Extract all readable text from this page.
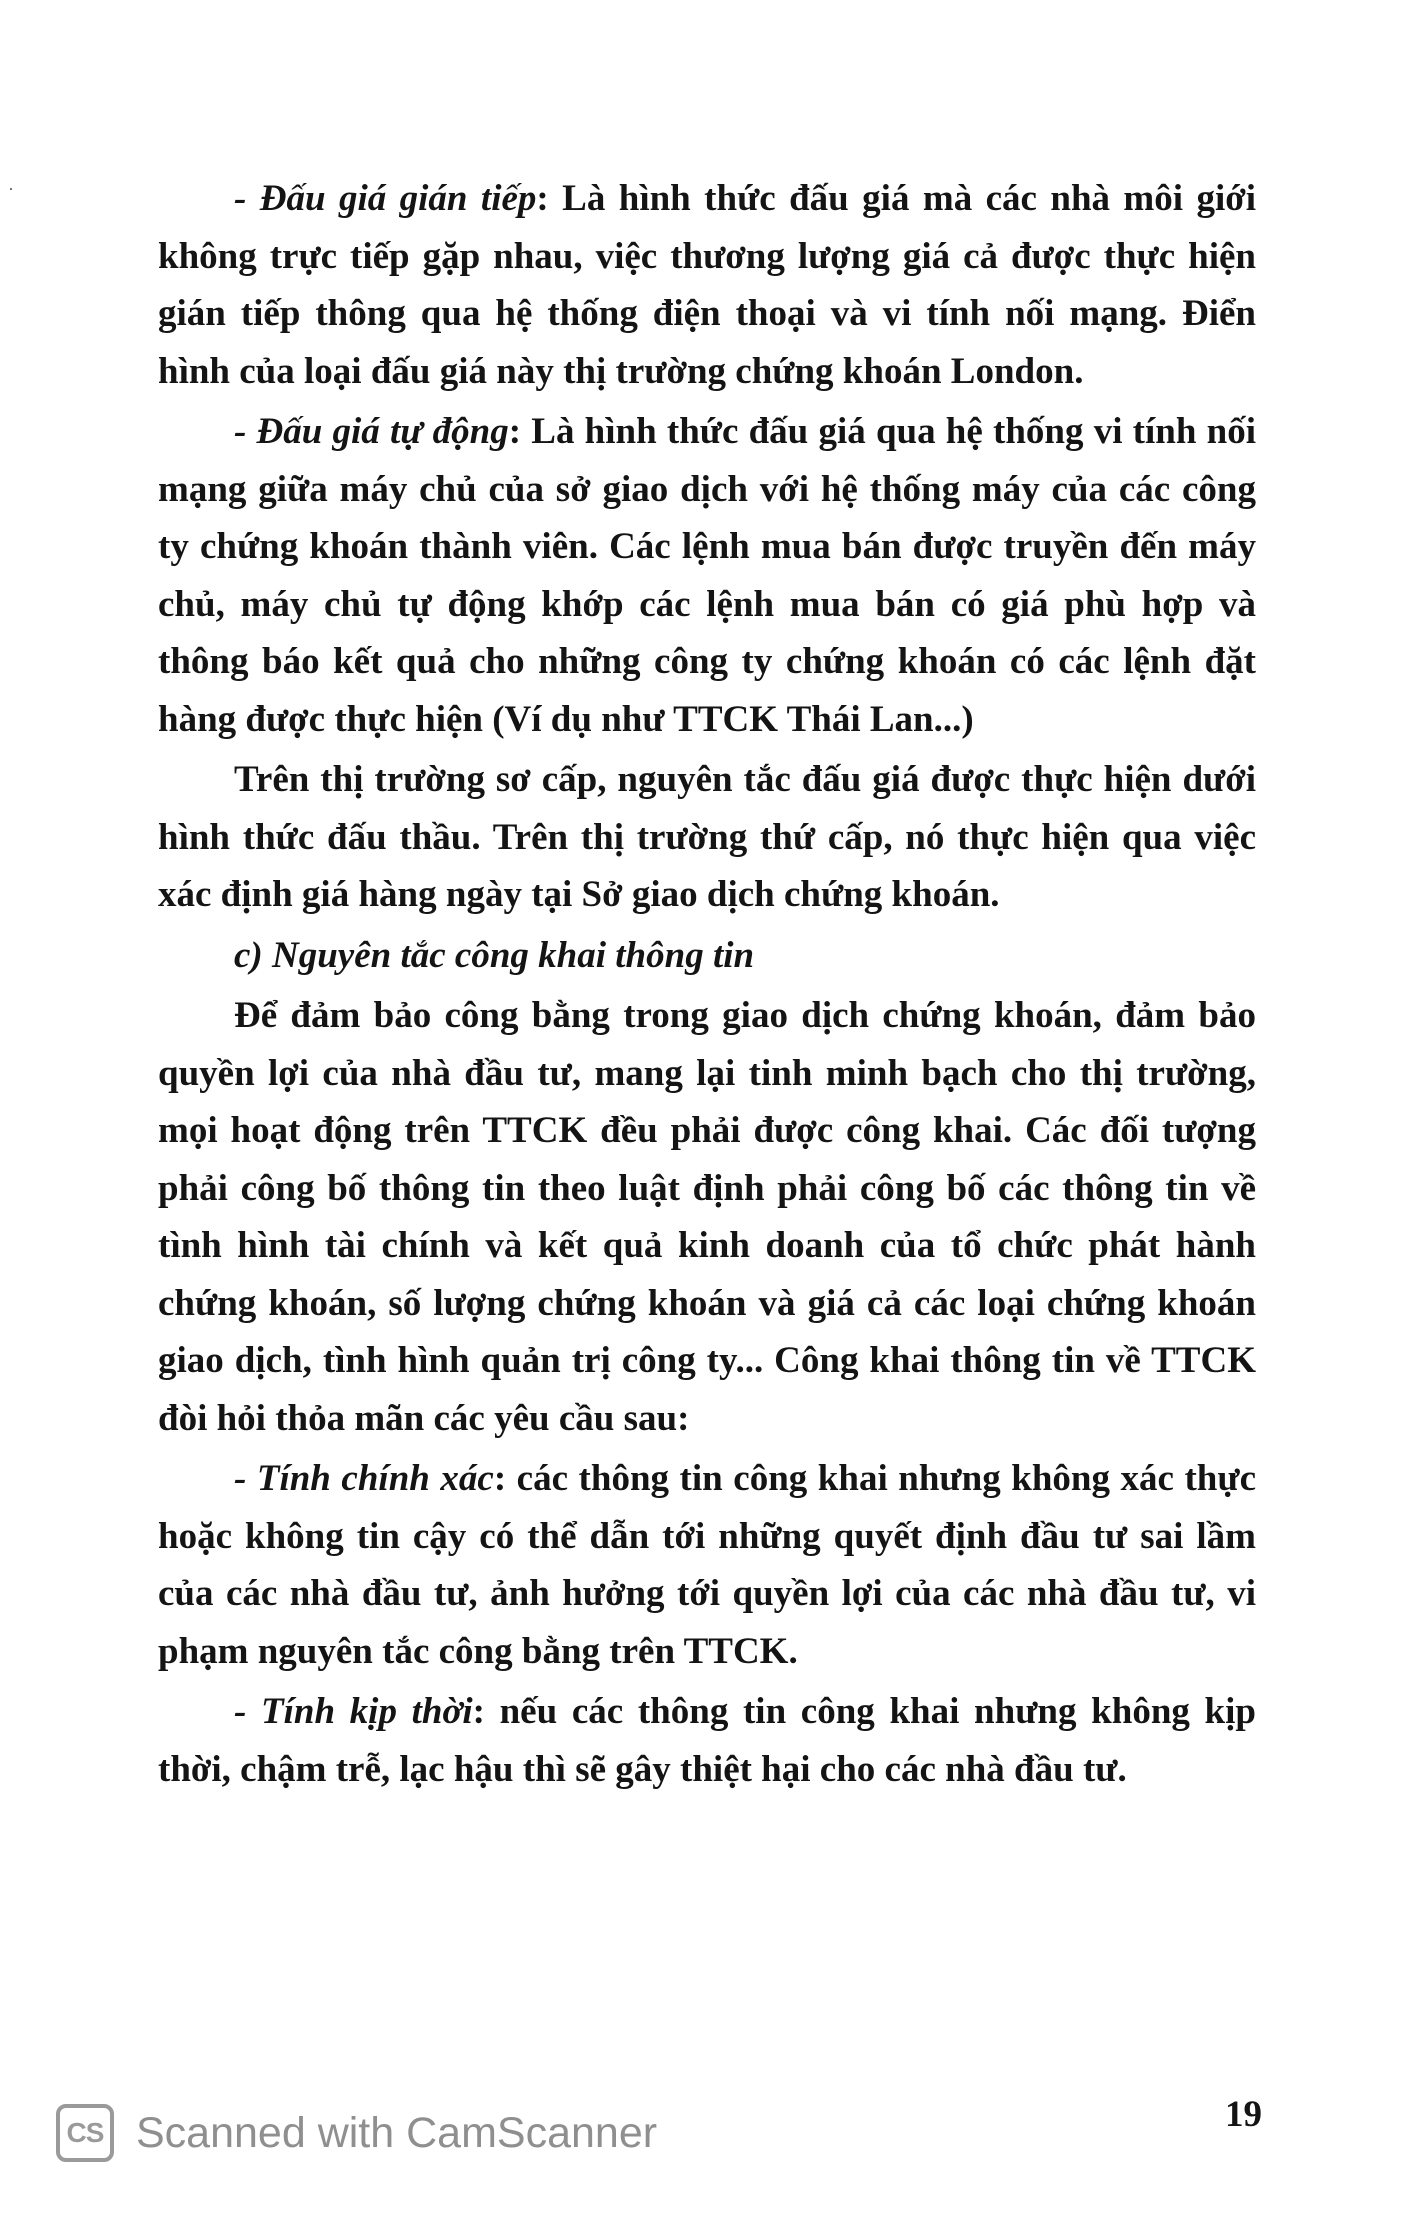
- Đấu giá gián tiếp: Là hình thức đấu giá mà các nhà môi giới không trực tiếp gặp nhau, việc thương lượng giá cả được thực hiện gián tiếp thông qua hệ thống điện thoại và vi tính nối mạng. Điển hình của loại đấu giá này thị trường chứng khoán London.

- Đấu giá tự động: Là hình thức đấu giá qua hệ thống vi tính nối mạng giữa máy chủ của sở giao dịch với hệ thống máy của các công ty chứng khoán thành viên. Các lệnh mua bán được truyền đến máy chủ, máy chủ tự động khớp các lệnh mua bán có giá phù hợp và thông báo kết quả cho những công ty chứng khoán có các lệnh đặt hàng được thực hiện (Ví dụ như TTCK Thái Lan...)

Trên thị trường sơ cấp, nguyên tắc đấu giá được thực hiện dưới hình thức đấu thầu. Trên thị trường thứ cấp, nó thực hiện qua việc xác định giá hàng ngày tại Sở giao dịch chứng khoán.

c) Nguyên tắc công khai thông tin

Để đảm bảo công bằng trong giao dịch chứng khoán, đảm bảo quyền lợi của nhà đầu tư, mang lại tinh minh bạch cho thị trường, mọi hoạt động trên TTCK đều phải được công khai. Các đối tượng phải công bố thông tin theo luật định phải công bố các thông tin về tình hình tài chính và kết quả kinh doanh của tổ chức phát hành chứng khoán, số lượng chứng khoán và giá cả các loại chứng khoán giao dịch, tình hình quản trị công ty... Công khai thông tin về TTCK đòi hỏi thỏa mãn các yêu cầu sau:

- Tính chính xác: các thông tin công khai nhưng không xác thực hoặc không tin cậy có thể dẫn tới những quyết định đầu tư sai lầm của các nhà đầu tư, ảnh hưởng tới quyền lợi của các nhà đầu tư, vi phạm nguyên tắc công bằng trên TTCK.

- Tính kịp thời: nếu các thông tin công khai nhưng không kịp thời, chậm trễ, lạc hậu thì sẽ gây thiệt hại cho các nhà đầu tư.

19
CS Scanned with CamScanner
